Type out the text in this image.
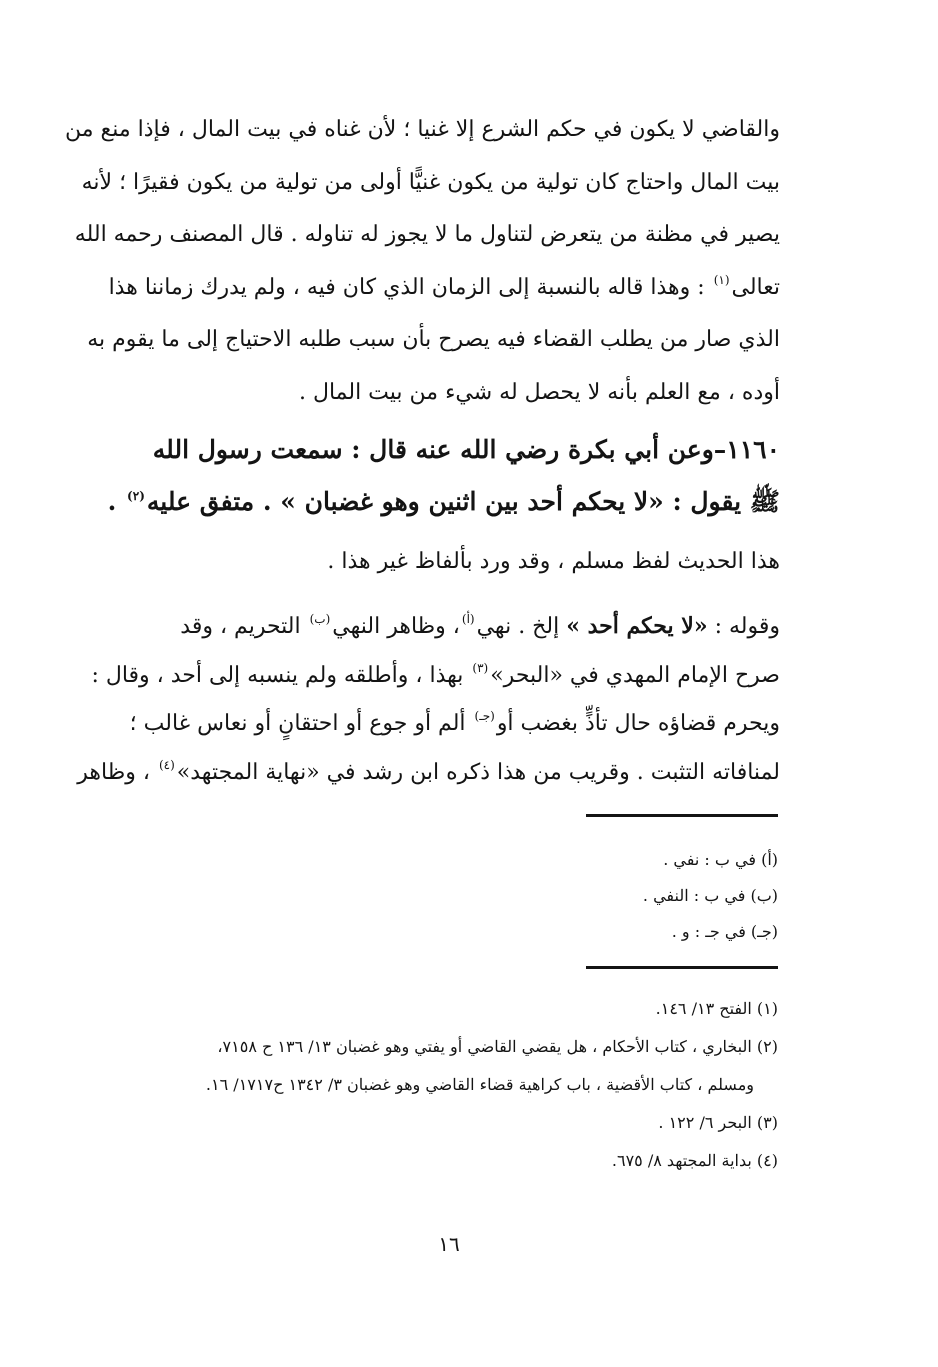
والقاضي لا يكون في حكم الشرع إلا غنيا ؛ لأن غناه في بيت المال ، فإذا منع من
بيت المال واحتاج كان تولية من يكون غنيًّا أولى من تولية من يكون فقيرًا ؛ لأنه
يصير في مظنة من يتعرض لتناول ما لا يجوز له تناوله . قال المصنف رحمه الله
تعالى$^{(١)}$ : وهذا قاله بالنسبة إلى الزمان الذي كان فيه ، ولم يدرك زماننا هذا
الذي صار من يطلب القضاء فيه يصرح بأن سبب طلبه الاحتياج إلى ما يقوم به
أوده ، مع العلم بأنه لا يحصل له شيء من بيت المال .
١١٦٠–وعن أبي بكرة رضي الله عنه قال : سمعت رسول الله
ﷺ يقول : «لا يحكم أحد بين اثنين وهو غضبان » . متفق عليه$^{(٢)}$ .
هذا الحديث لفظ مسلم ، وقد ورد بألفاظ غير هذا .
وقوله : «لا يحكم أحد » إلخ . نهي$^{(أ)}$، وظاهر النهي$^{(ب)}$ التحريم ، وقد
صرح الإمام المهدي في «البحر»$^{(٣)}$ بهذا ، وأطلقه ولم ينسبه إلى أحد ، وقال :
ويحرم قضاؤه حال تأذٍّ بغضب أو$^{(جـ)}$ ألم أو جوع أو احتقانٍ أو نعاس غالب ؛
لمنافاته التثبت . وقريب من هذا ذكره ابن رشد في «نهاية المجتهد»$^{(٤)}$ ، وظاهر
(أ) في ب : نفي .
(ب) في ب : النفي .
(جـ) في جـ : و .
(١) الفتح ١٣/ ١٤٦.
(٢) البخاري ، كتاب الأحكام ، هل يقضي القاضي أو يفتي وهو غضبان ١٣/ ١٣٦ ح ٧١٥٨،
ومسلم ، كتاب الأقضية ، باب كراهية قضاء القاضي وهو غضبان ٣/ ١٣٤٢ ح١٧١٧/ ١٦.
(٣) البحر ٦/ ١٢٢ .
(٤) بداية المجتهد ٨/ ٦٧٥.
١٦
